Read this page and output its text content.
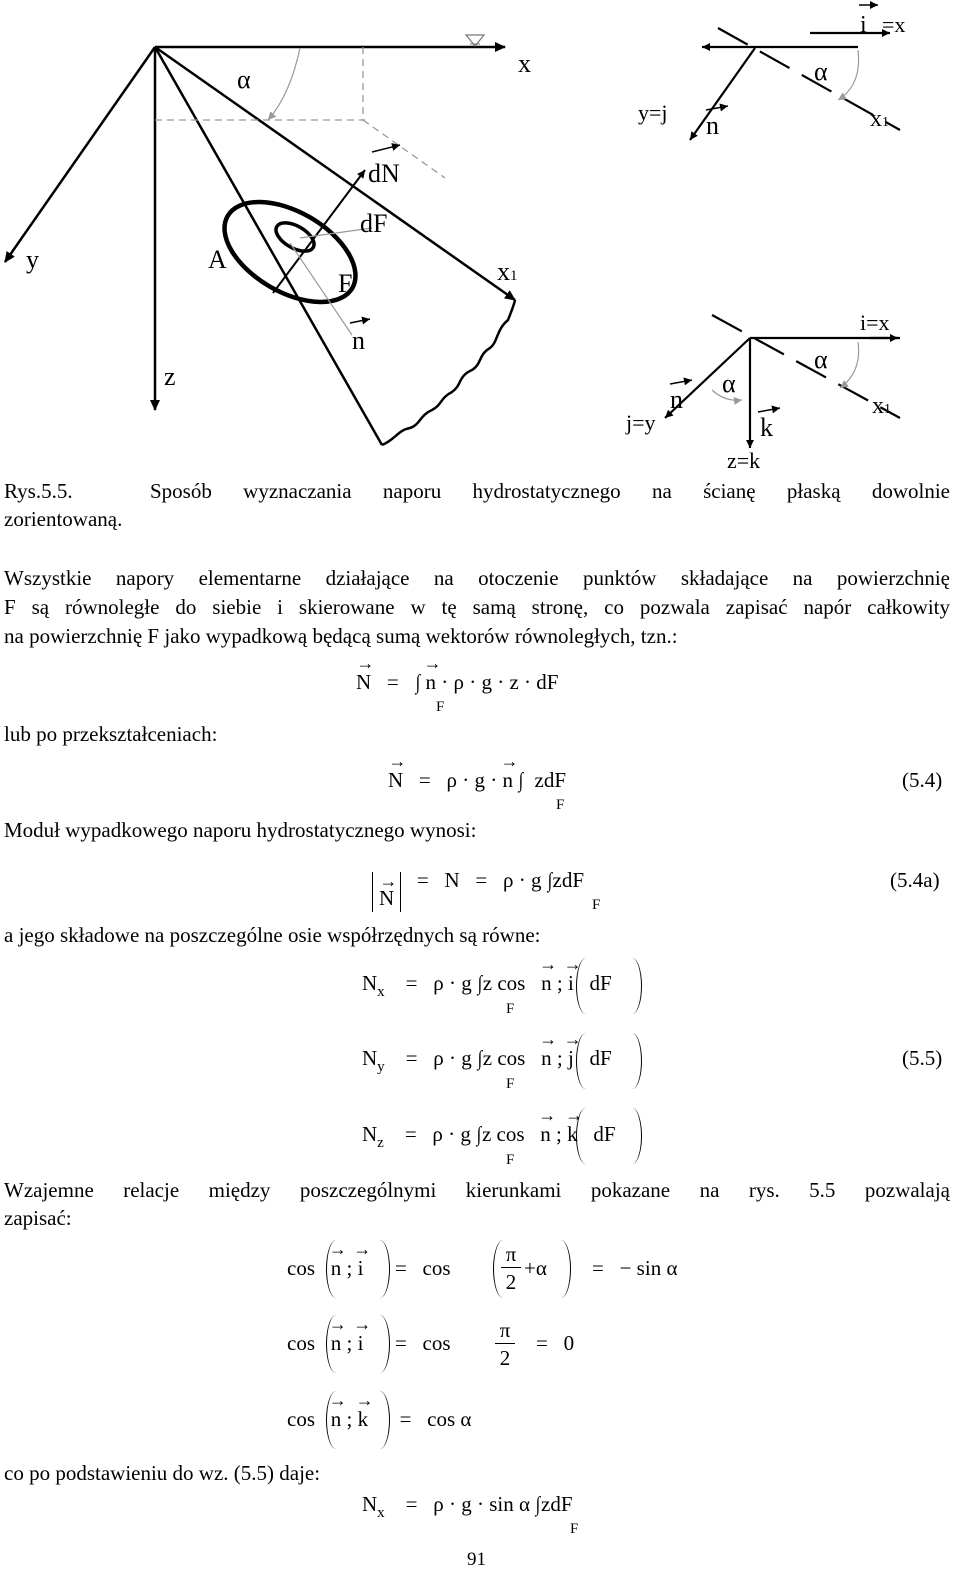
α
x
y
z
A
F
dN
dF
n
x1
i =x
α
y=j n	x1
i=x
α
α
n	x1
j=y	k
z=k
Rys.5.5.	Sposób wyznaczania naporu hydrostatycznego na ścianę płaską dowolnie
zorientowaną.
Wszystkie napory elementarne działające na otoczenie punktów składające na powierzchnię
F są równoległe do siebie i skierowane w tę samą stronę, co pozwala zapisać napór całkowity
na powierzchnię F jako wypadkową będącą sumą wektorów równoległych, tzn.:
→ N   =   ∫ → n · ρ · g · z · dF
F
lub po przekształceniach:
→ N   =   ρ · g · → n ∫  zdF
F
(5.4)
Moduł wypadkowego naporu hydrostatycznego wynosi:
→ N   =   N   =   ρ · g ∫zdF
F
(5.4a)
a jego składowe na poszczególne osie współrzędnych są równe:
$N_x$    =   ρ · g ∫z cos   → n ; → i   dF
F
$N_y$    =   ρ · g ∫z cos   → n ; → j   dF
F
(5.5)
$N_z$    =   ρ · g ∫z cos   → n ; → k   dF
F
Wzajemne relacje między poszczególnymi kierunkami pokazane na rys. 5.5 pozwalają
zapisać:
cos   → n ; → i      =   cos
π
2
+α =   − sin α
cos   → n ; → i      =   cos
π
2
=   0
cos   → n ; → k      =   cos α
co po podstawieniu do wz. (5.5) daje:
$N_x$    =   ρ · g · sin α ∫zdF
F
91
